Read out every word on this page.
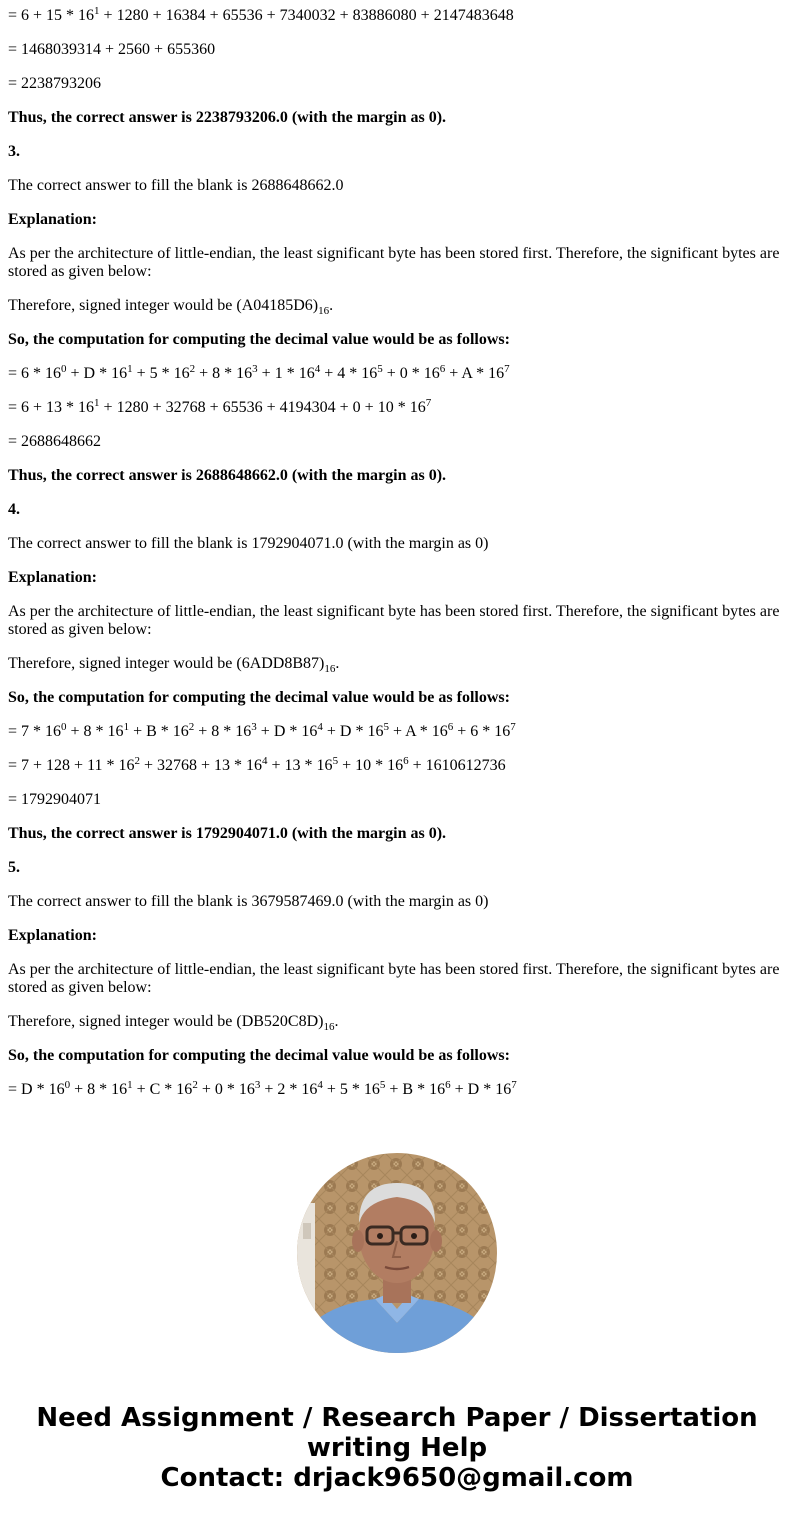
= $6 + 15 * 16^1 + 1280 + 16384 + 65536 + 7340032 + 83886080 + 2147483648$

= 1468039314 + 2560 + 655360

= 2238793206

Thus, the correct answer is 2238793206.0 (with the margin as 0).

3.

The correct answer to fill the blank is 2688648662.0

Explanation:

As per the architecture of little-endian, the least significant byte has been stored first. Therefore, the significant bytes are stored as given below:

Therefore, signed integer would be $(A04185D6)_{16}$.

So, the computation for computing the decimal value would be as follows:

= $6 * 16^0 + D * 16^1 + 5 * 16^2 + 8 * 16^3 + 1 * 16^4 + 4 * 16^5 + 0 * 16^6 + A * 16^7$

= $6 + 13 * 16^1 + 1280 + 32768 + 65536 + 4194304 + 0 + 10 * 16^7$

= 2688648662

Thus, the correct answer is 2688648662.0 (with the margin as 0).

4.

The correct answer to fill the blank is 1792904071.0 (with the margin as 0)

Explanation:

As per the architecture of little-endian, the least significant byte has been stored first. Therefore, the significant bytes are stored as given below:

Therefore, signed integer would be $(6ADD8B87)_{16}$.

So, the computation for computing the decimal value would be as follows:

= $7 * 16^0 + 8 * 16^1 + B * 16^2 + 8 * 16^3 + D * 16^4 + D * 16^5 + A * 16^6 + 6 * 16^7$

= $7 + 128 + 11 * 16^2 + 32768 + 13 * 16^4 + 13 * 16^5 + 10 * 16^6 + 1610612736$

= 1792904071

Thus, the correct answer is 1792904071.0 (with the margin as 0).

5.

The correct answer to fill the blank is 3679587469.0 (with the margin as 0)

Explanation:

As per the architecture of little-endian, the least significant byte has been stored first. Therefore, the significant bytes are stored as given below:

Therefore, signed integer would be $(DB520C8D)_{16}$.

So, the computation for computing the decimal value would be as follows:

= $D * 16^0 + 8 * 16^1 + C * 16^2 + 0 * 16^3 + 2 * 16^4 + 5 * 16^5 + B * 16^6 + D * 16^7$

Need Assignment / Research Paper / Dissertation
writing Help
Contact: drjack9650@gmail.com
